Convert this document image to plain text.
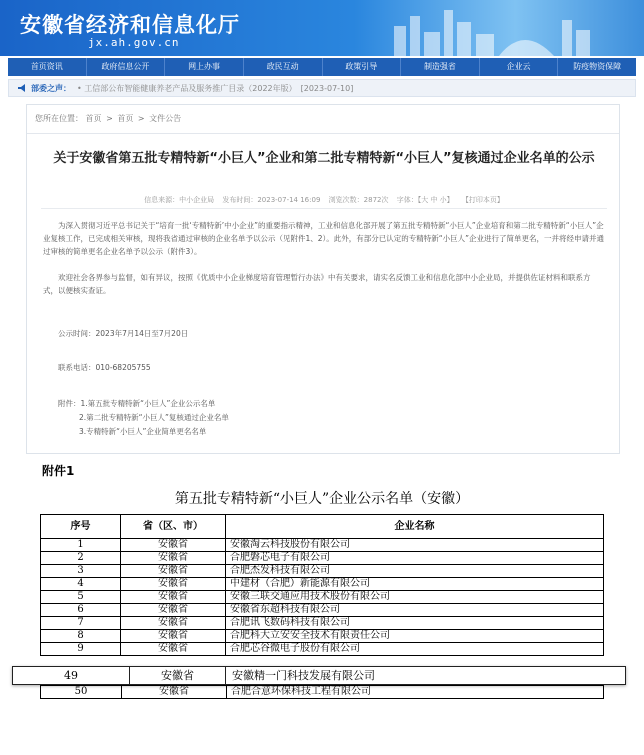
安徽省经济和信息化厅
jx.ah.gov.cn
首页资讯	政府信息公开	网上办事	政民互动	政策引导	制造强省	企业云	防疫物资保障
部委之声： • 工信部公布智能健康养老产品及服务推广目录（2022年版）　[2023-07-10]
您所在位置： 首页 > 首页 > 文件公告
关于安徽省第五批专精特新“小巨人”企业和第二批专精特新“小巨人”复核通过企业名单的公示
信息来源：中小企业局 发布时间：2023-07-14 16:09 浏览次数：2872次 字体：【大 中 小】 【打印本页】
为深入贯彻习近平总书记关于“培育一批‘专精特新’中小企业”的重要指示精神，工业和信息化部开展了第五批专精特新“小巨人”企业培育和第二批专精特新“小巨人”企业复核工作，已完成相关审核，现将我省通过审核的企业名单予以公示（见附件1、2）。此外，有部分已认定的专精特新“小巨人”企业进行了简单更名，一并将经申请并通过审核的简单更名企业名单予以公示（附件3）。
欢迎社会各界参与监督，如有异议，按照《优质中小企业梯度培育管理暂行办法》中有关要求，请实名反馈工业和信息化部中小企业局，并提供佐证材料和联系方式，以便核实查证。
公示时间：2023年7月14日至7月20日
联系电话：010-68205755
附件：1.第五批专精特新“小巨人”企业公示名单
2.第二批专精特新“小巨人”复核通过企业名单
3.专精特新“小巨人”企业简单更名名单
附件1
第五批专精特新“小巨人”企业公示名单（安徽）
序号	省（区、市）	企业名称
1	安徽省	安徽淘云科技股份有限公司
2	安徽省	合肥磐芯电子有限公司
3	安徽省	合肥杰发科技有限公司
4	安徽省	中建材（合肥）新能源有限公司
5	安徽省	安徽三联交通应用技术股份有限公司
6	安徽省	安徽省东超科技有限公司
7	安徽省	合肥讯飞数码科技有限公司
8	安徽省	合肥科大立安安全技术有限责任公司
9	安徽省	合肥芯谷微电子股份有限公司
49	安徽省	安徽精一门科技发展有限公司
50	安徽省	合肥合意环保科技工程有限公司
